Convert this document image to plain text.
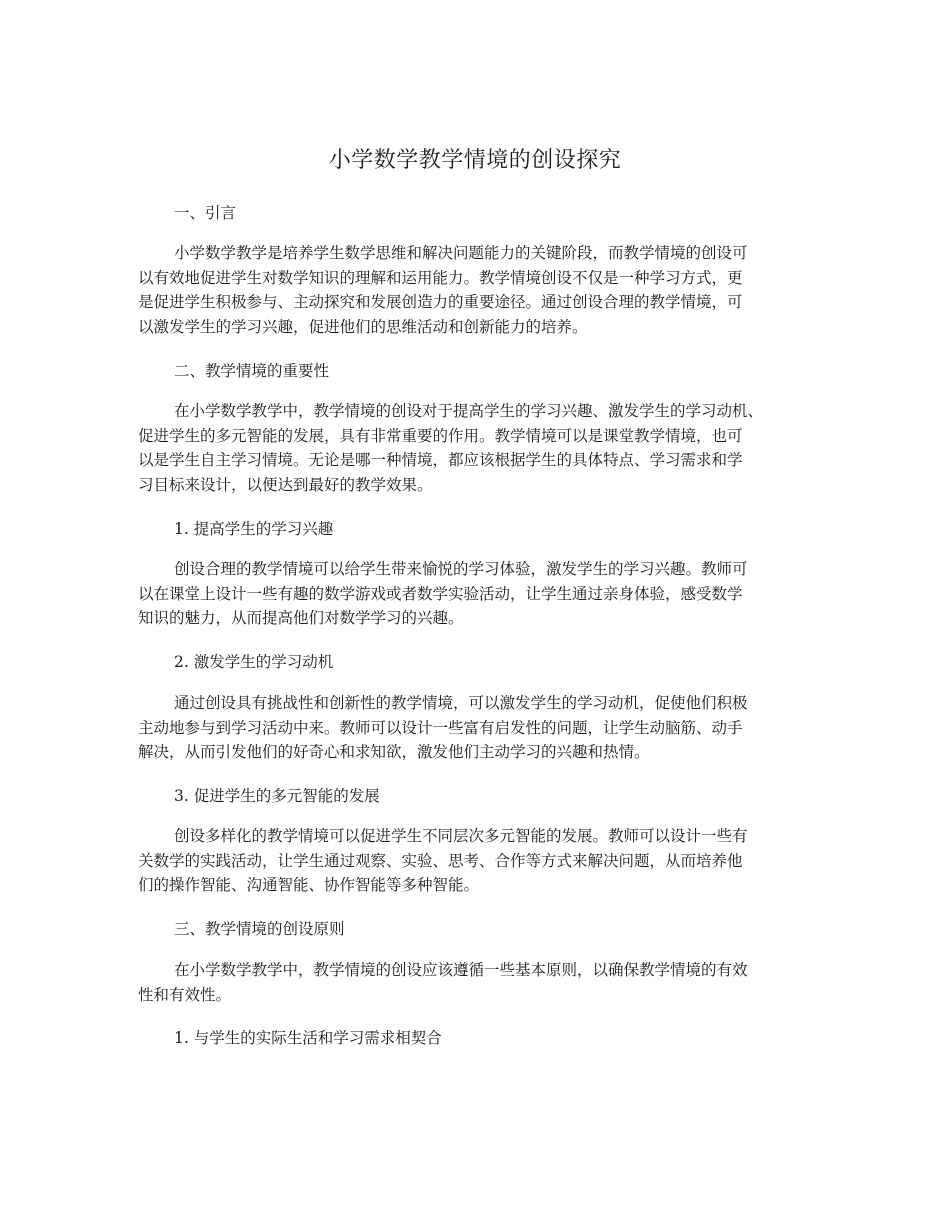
小学数学教学情境的创设探究
一、引言
小学数学教学是培养学生数学思维和解决问题能力的关键阶段，而教学情境的创设可
以有效地促进学生对数学知识的理解和运用能力。教学情境创设不仅是一种学习方式，更
是促进学生积极参与、主动探究和发展创造力的重要途径。通过创设合理的教学情境，可
以激发学生的学习兴趣，促进他们的思维活动和创新能力的培养。
二、教学情境的重要性
在小学数学教学中，教学情境的创设对于提高学生的学习兴趣、激发学生的学习动机、
促进学生的多元智能的发展，具有非常重要的作用。教学情境可以是课堂教学情境，也可
以是学生自主学习情境。无论是哪一种情境，都应该根据学生的具体特点、学习需求和学
习目标来设计，以便达到最好的教学效果。
1. 提高学生的学习兴趣
创设合理的教学情境可以给学生带来愉悦的学习体验，激发学生的学习兴趣。教师可
以在课堂上设计一些有趣的数学游戏或者数学实验活动，让学生通过亲身体验，感受数学
知识的魅力，从而提高他们对数学学习的兴趣。
2. 激发学生的学习动机
通过创设具有挑战性和创新性的教学情境，可以激发学生的学习动机，促使他们积极
主动地参与到学习活动中来。教师可以设计一些富有启发性的问题，让学生动脑筋、动手
解决，从而引发他们的好奇心和求知欲，激发他们主动学习的兴趣和热情。
3. 促进学生的多元智能的发展
创设多样化的教学情境可以促进学生不同层次多元智能的发展。教师可以设计一些有
关数学的实践活动，让学生通过观察、实验、思考、合作等方式来解决问题，从而培养他
们的操作智能、沟通智能、协作智能等多种智能。
三、教学情境的创设原则
在小学数学教学中，教学情境的创设应该遵循一些基本原则，以确保教学情境的有效
性和有效性。
1. 与学生的实际生活和学习需求相契合
